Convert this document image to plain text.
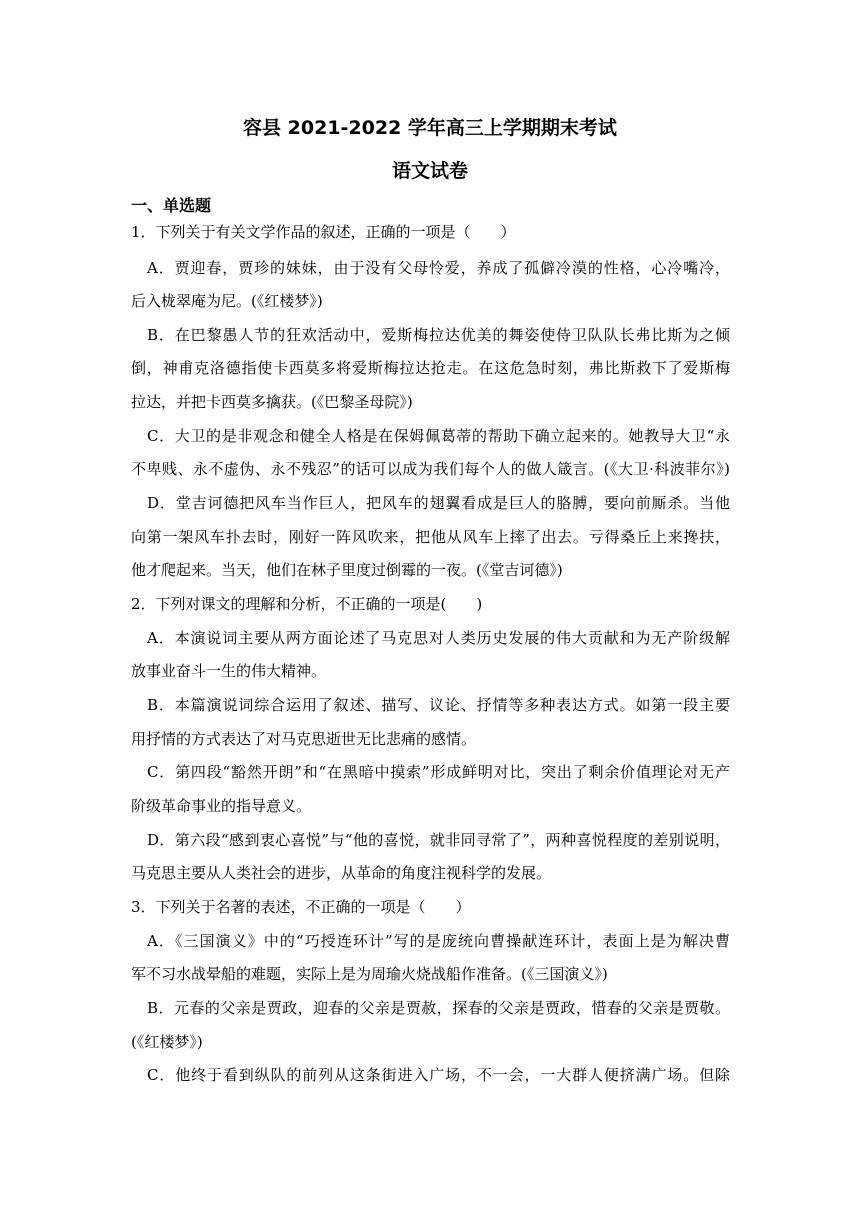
容县 2021-2022 学年高三上学期期末考试
语文试卷
一、单选题
1．下列关于有关文学作品的叙述，正确的一项是（　　）
A．贾迎春，贾珍的妹妹，由于没有父母怜爱，养成了孤僻冷漠的性格，心冷嘴冷，
后入栊翠庵为尼。(《红楼梦》)
B．在巴黎愚人节的狂欢活动中，爱斯梅拉达优美的舞姿使侍卫队队长弗比斯为之倾
倒，神甫克洛德指使卡西莫多将爱斯梅拉达抢走。在这危急时刻，弗比斯救下了爱斯梅
拉达，并把卡西莫多擒获。(《巴黎圣母院》)
C．大卫的是非观念和健全人格是在保姆佩葛蒂的帮助下确立起来的。她教导大卫“永
不卑贱、永不虚伪、永不残忍”的话可以成为我们每个人的做人箴言。(《大卫·科波菲尔》)
D．堂吉诃德把风车当作巨人，把风车的翅翼看成是巨人的胳膊，要向前厮杀。当他
向第一架风车扑去时，刚好一阵风吹来，把他从风车上摔了出去。亏得桑丘上来搀扶，
他才爬起来。当天，他们在林子里度过倒霉的一夜。(《堂吉诃德》)
2．下列对课文的理解和分析，不正确的一项是(　　)
A．本演说词主要从两方面论述了马克思对人类历史发展的伟大贡献和为无产阶级解
放事业奋斗一生的伟大精神。
B．本篇演说词综合运用了叙述、描写、议论、抒情等多种表达方式。如第一段主要
用抒情的方式表达了对马克思逝世无比悲痛的感情。
C．第四段“豁然开朗”和“在黑暗中摸索”形成鲜明对比，突出了剩余价值理论对无产
阶级革命事业的指导意义。
D．第六段“感到衷心喜悦”与“他的喜悦，就非同寻常了”，两种喜悦程度的差别说明，
马克思主要从人类社会的进步，从革命的角度注视科学的发展。
3．下列关于名著的表述，不正确的一项是（　　）
A．《三国演义》中的“巧授连环计”写的是庞统向曹操献连环计，表面上是为解决曹
军不习水战晕船的难题，实际上是为周瑜火烧战船作准备。(《三国演义》)
B．元春的父亲是贾政，迎春的父亲是贾赦，探春的父亲是贾政，惜春的父亲是贾敬。
(《红楼梦》)
C．他终于看到纵队的前列从这条街进入广场，不一会，一大群人便挤满广场。但除
